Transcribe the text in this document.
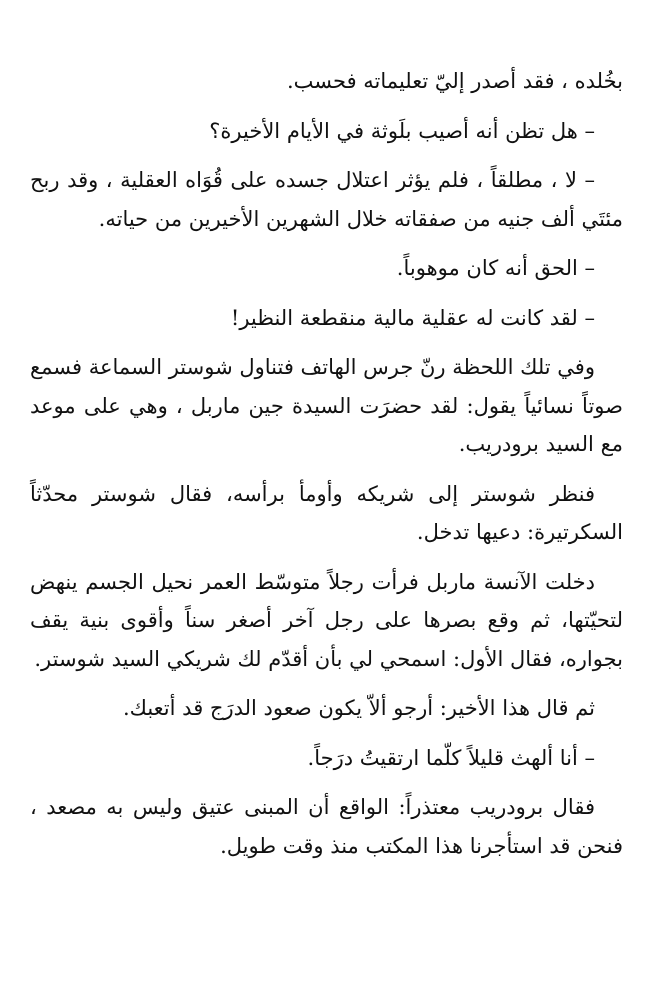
بخُلده ، فقد أصدر إليّ تعليماته فحسب.

– هل تظن أنه أصيب بلَوثة في الأيام الأخيرة؟

– لا ، مطلقاً ، فلم يؤثر اعتلال جسده على قُوَاه العقلية ، وقد ربح مئتَي ألف جنيه من صفقاته خلال الشهرين الأخيرين من حياته.

– الحق أنه كان موهوباً.

– لقد كانت له عقلية مالية منقطعة النظير!

وفي تلك اللحظة رنّ جرس الهاتف فتناول شوستر السماعة فسمع صوتاً نسائياً يقول: لقد حضرَت السيدة جين ماربل ، وهي على موعد مع السيد برودريب.

فنظر شوستر إلى شريكه وأومأ برأسه، فقال شوستر محدّثاً السكرتيرة: دعيها تدخل.

دخلت الآنسة ماربل فرأت رجلاً متوسّط العمر نحيل الجسم ينهض لتحيّتها، ثم وقع بصرها على رجل آخر أصغر سناً وأقوى بنية يقف بجواره، فقال الأول: اسمحي لي بأن أقدّم لك شريكي السيد شوستر.

ثم قال هذا الأخير: أرجو ألاّ يكون صعود الدرَج قد أتعبك.

– أنا ألهث قليلاً كلّما ارتقيتُ درَجاً.

فقال برودريب معتذراً: الواقع أن المبنى عتيق وليس به مصعد ، فنحن قد استأجرنا هذا المكتب منذ وقت طويل.
